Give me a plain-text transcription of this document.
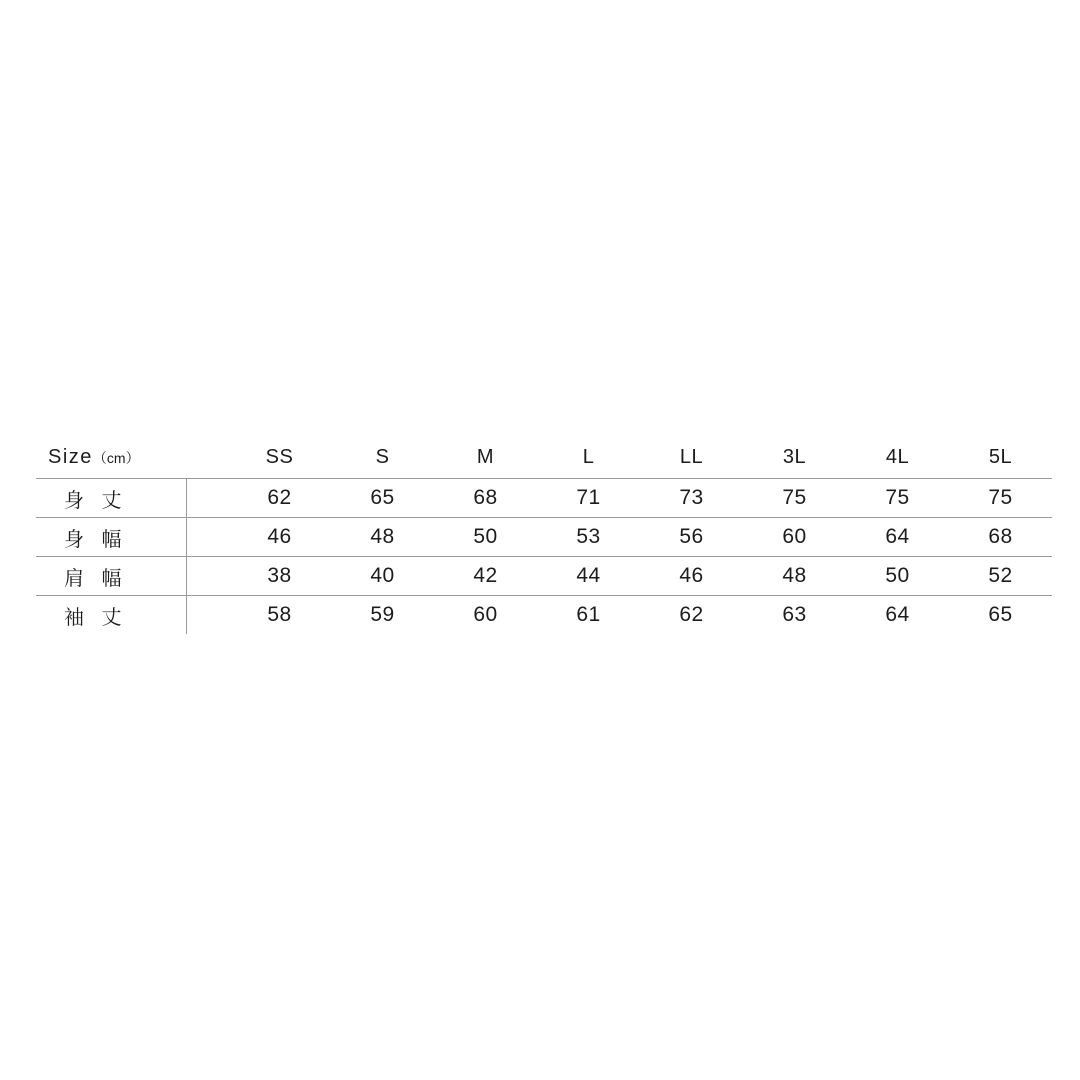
Size（cm）		SS	S	M	L	LL	3L	4L	5L
身 丈		62	65	68	71	73	75	75	75
身 幅		46	48	50	53	56	60	64	68
肩 幅		38	40	42	44	46	48	50	52
袖 丈		58	59	60	61	62	63	64	65
